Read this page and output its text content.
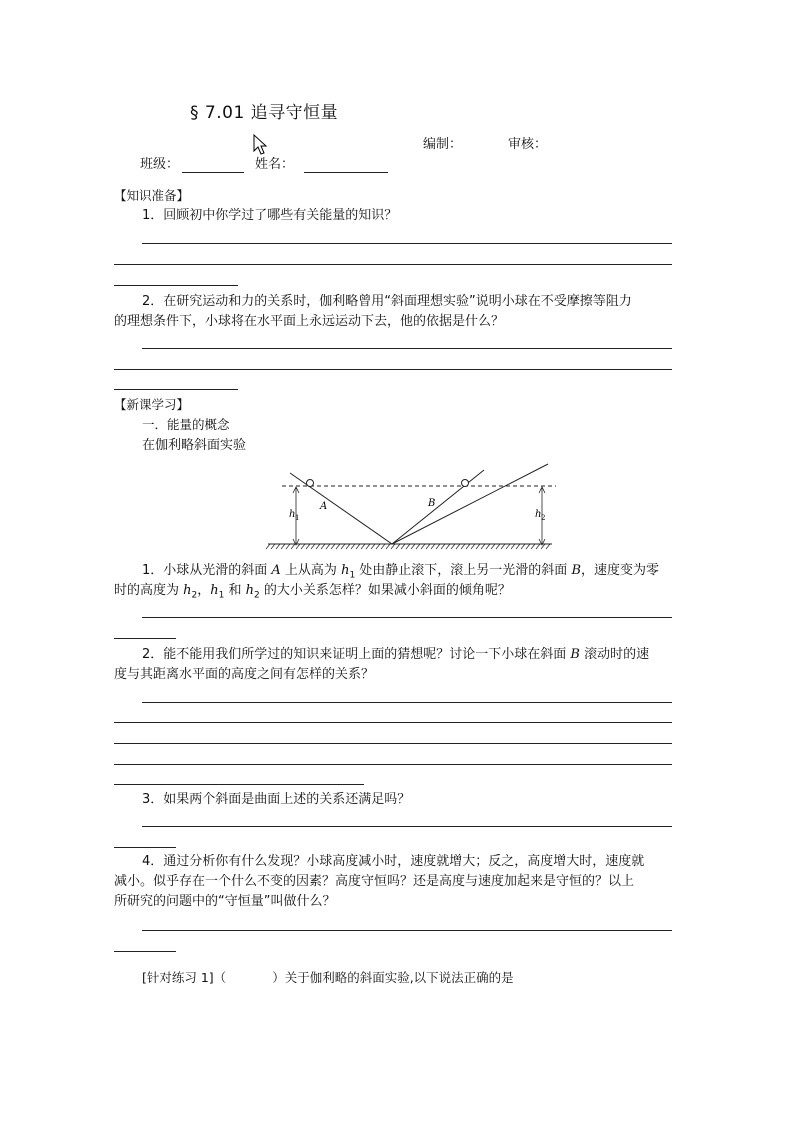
§ 7.01 追寻守恒量
编制：	审核：
班级：	姓名：
【知识准备】
1．回顾初中你学过了哪些有关能量的知识？
2．在研究运动和力的关系时，伽利略曾用“斜面理想实验”说明小球在不受摩擦等阻力
的理想条件下，小球将在水平面上永远运动下去，他的依据是什么？
【新课学习】
一．能量的概念
在伽利略斜面实验
A	B
h 1	h 2
1．小球从光滑的斜面 A 上从高为 $h_1$ 处由静止滚下，滚上另一光滑的斜面 B，速度变为零
时的高度为 $h_2$，$h_1$ 和 $h_2$ 的大小关系怎样？如果减小斜面的倾角呢？
2．能不能用我们所学过的知识来证明上面的猜想呢？讨论一下小球在斜面 B 滚动时的速
度与其距离水平面的高度之间有怎样的关系？
3．如果两个斜面是曲面上述的关系还满足吗？
4．通过分析你有什么发现？小球高度减小时，速度就增大；反之，高度增大时，速度就
减小。似乎存在一个什么不变的因素？高度守恒吗？还是高度与速度加起来是守恒的？以上
所研究的问题中的“守恒量”叫做什么？
[针对练习 1]（	）关于伽利略的斜面实验,以下说法正确的是
